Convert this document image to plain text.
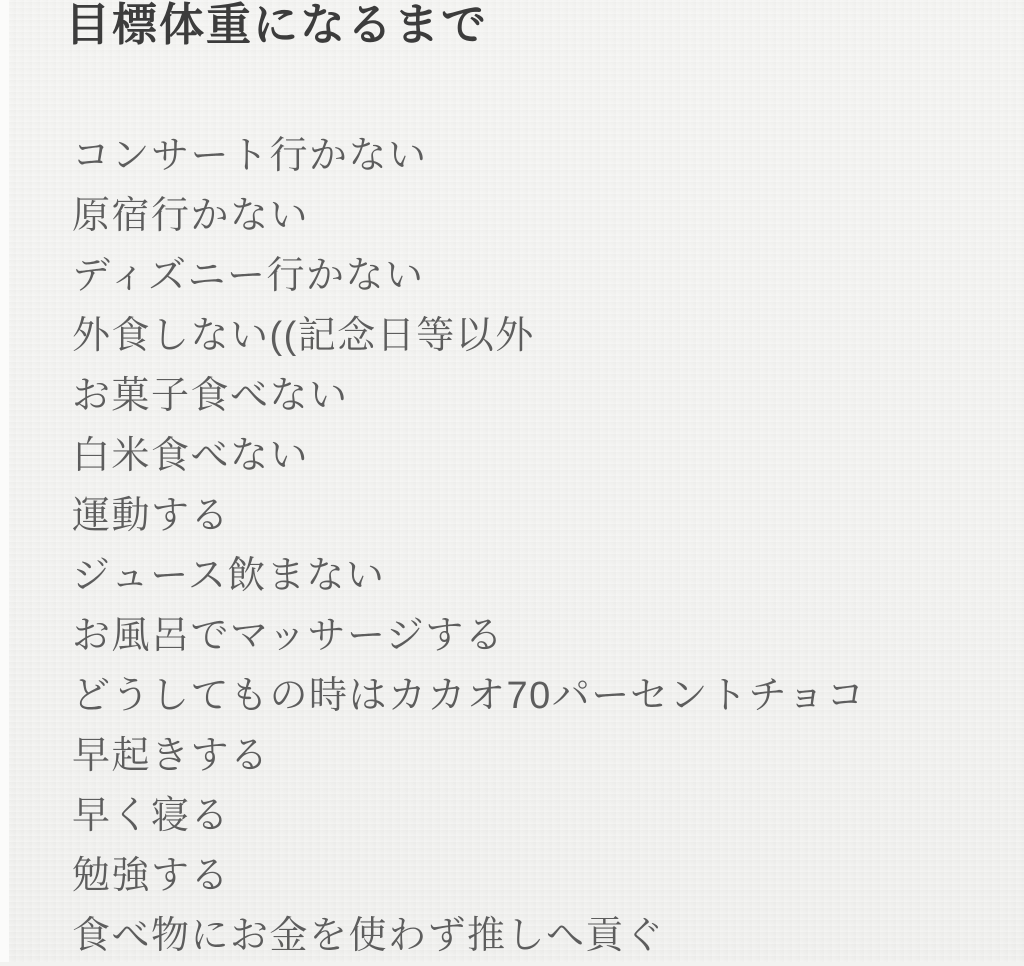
目標体重になるまで
コンサート行かない
原宿行かない
ディズニー行かない
外食しない((記念日等以外
お菓子食べない
白米食べない
運動する
ジュース飲まない
お風呂でマッサージする
どうしてもの時はカカオ70パーセントチョコ
早起きする
早く寝る
勉強する
食べ物にお金を使わず推しへ貢ぐ
